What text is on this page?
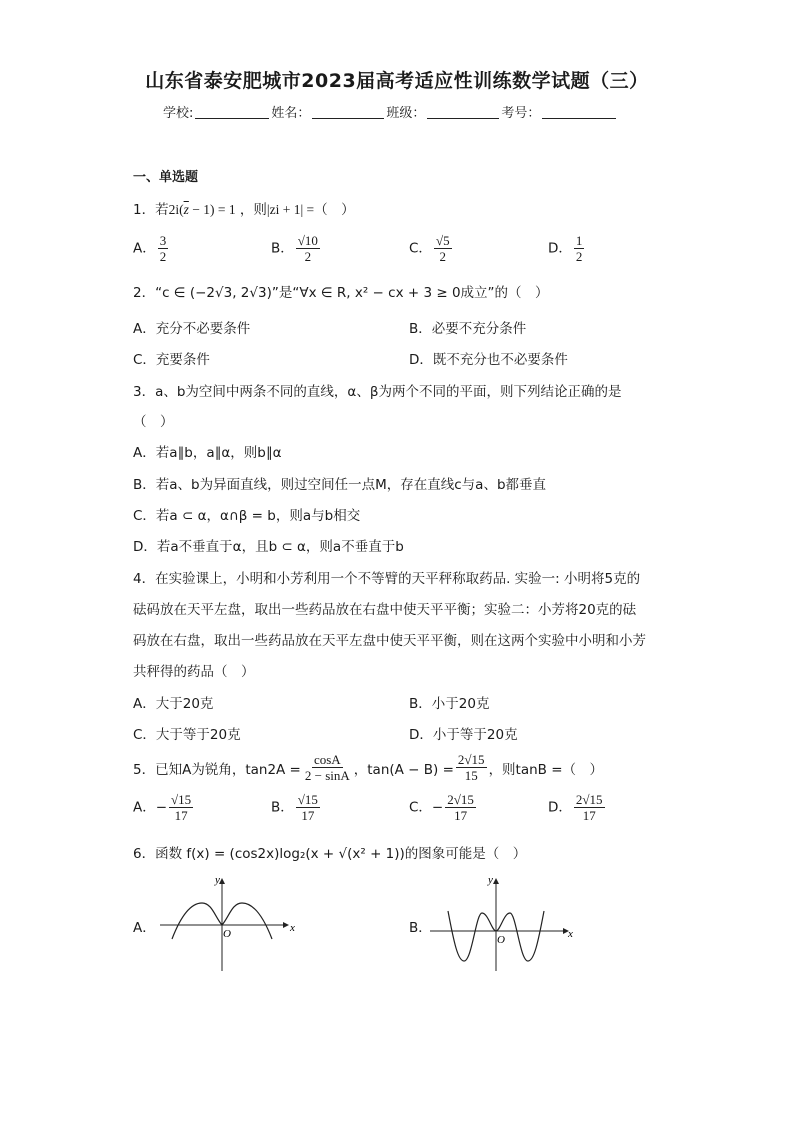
山东省泰安肥城市2023届高考适应性训练数学试题（三）
学校:	姓名：	班级：	考号：
一、单选题
1．若$2i(\overline{z} - 1) = 1$ ，则|zi + 1| =（　）
A． $\frac{3}{2}$	B． $\frac{√10}{2}$	C． $\frac{√5}{2}$	D． $\frac{1}{2}$
2．“c ∈ (−2√3, 2√3)”是“∀x ∈ R, x² − cx + 3 ≥ 0成立”的（　）
A．充分不必要条件	B．必要不充分条件
C．充要条件	D．既不充分也不必要条件
3．a、b为空间中两条不同的直线，α、β为两个不同的平面，则下列结论正确的是
（　）
A．若a∥b，a∥α，则b∥α
B．若a、b为异面直线，则过空间任一点M，存在直线c与a、b都垂直
C．若a ⊂ α，α∩β = b，则a与b相交
D．若a不垂直于α，且b ⊂ α，则a不垂直于b
4．在实验课上，小明和小芳利用一个不等臂的天平秤称取药品. 实验一: 小明将5克的
砝码放在天平左盘，取出一些药品放在右盘中使天平平衡；实验二：小芳将20克的砝
码放在右盘，取出一些药品放在天平左盘中使天平平衡，则在这两个实验中小明和小芳
共秤得的药品（　）
A．大于20克	B．小于20克
C．大于等于20克	D．小于等于20克
5．已知A为锐角，$\tan 2A = \frac{\cos A}{2 - \sin A}$ ，$\tan(A - B) = \frac{2√15}{15}$ ，则tanB =（　）
A．− $\frac{√15}{17}$	B． $\frac{√15}{17}$	C．− $\frac{2√15}{17}$	D． $\frac{2√15}{17}$
6．函数 f(x) = (cos2x)log₂(x + √(x² + 1))的图象可能是（　）
A．	x
y
O	B．	x
y
O
